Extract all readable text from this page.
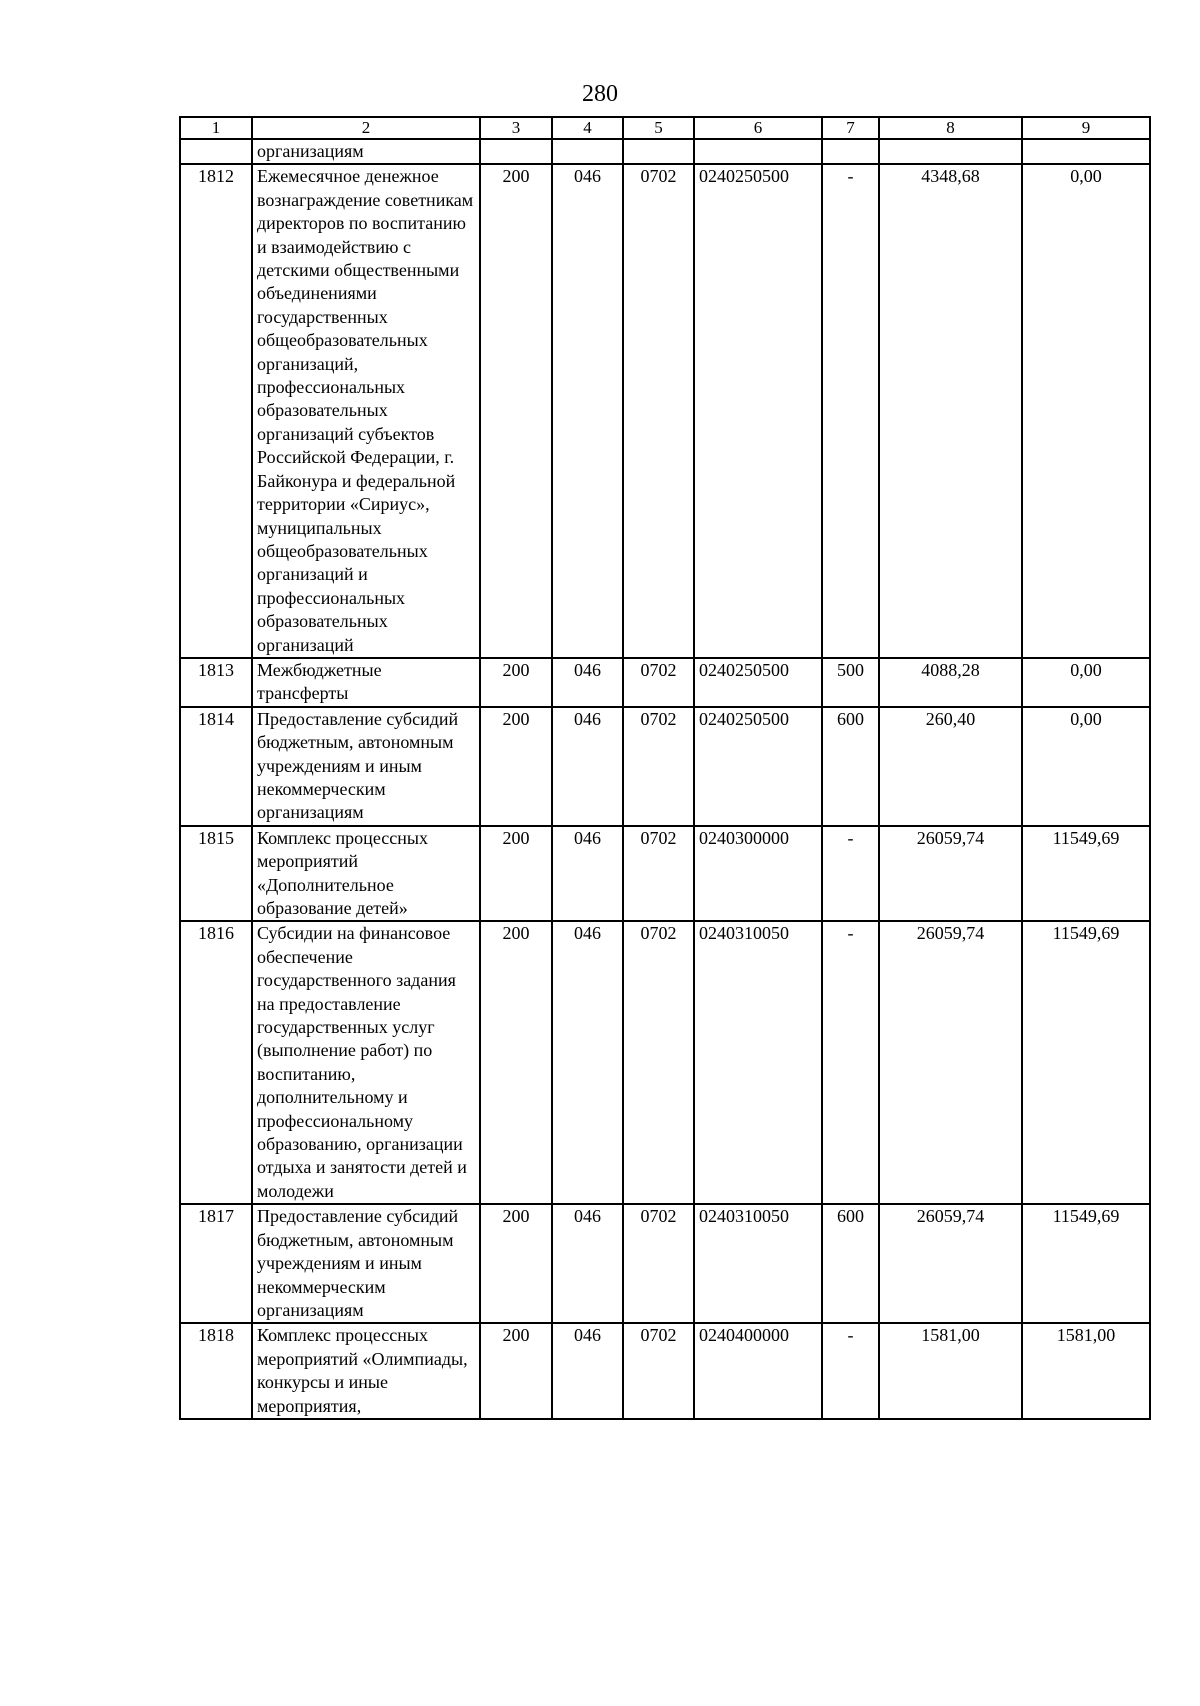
280
1	2	3	4	5	6	7	8	9
	организациям							
1812	Ежемесячное денежное вознаграждение советникам директоров по воспитанию и взаимодействию с детскими общественными объединениями государственных общеобразовательных организаций, профессиональных образовательных организаций субъектов Российской Федерации, г. Байконура и федеральной территории «Сириус», муниципальных общеобразовательных организаций и профессиональных образовательных организаций	200	046	0702	0240250500	-	4348,68	0,00
1813	Межбюджетные трансферты	200	046	0702	0240250500	500	4088,28	0,00
1814	Предоставление субсидий бюджетным, автономным учреждениям и иным некоммерческим организациям	200	046	0702	0240250500	600	260,40	0,00
1815	Комплекс процессных мероприятий «Дополнительное образование детей»	200	046	0702	0240300000	-	26059,74	11549,69
1816	Субсидии на финансовое обеспечение государственного задания на предоставление государственных услуг (выполнение работ) по воспитанию, дополнительному и профессиональному образованию, организации отдыха и занятости детей и молодежи	200	046	0702	0240310050	-	26059,74	11549,69
1817	Предоставление субсидий бюджетным, автономным учреждениям и иным некоммерческим организациям	200	046	0702	0240310050	600	26059,74	11549,69
1818	Комплекс процессных мероприятий «Олимпиады, конкурсы и иные мероприятия,	200	046	0702	0240400000	-	1581,00	1581,00
